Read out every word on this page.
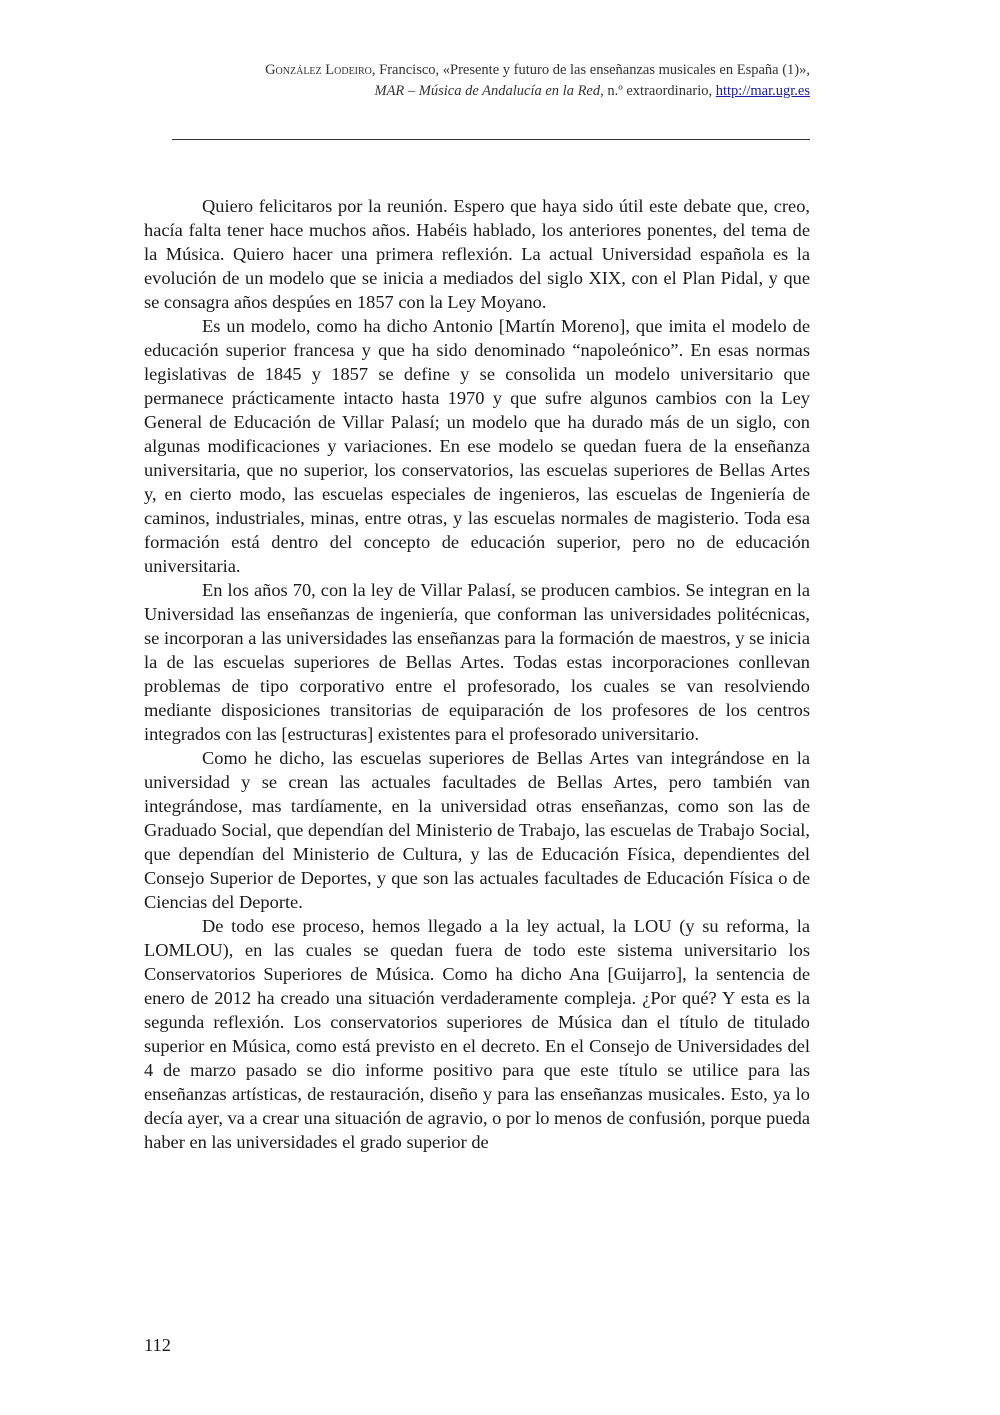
González Lodeiro, Francisco, «Presente y futuro de las enseñanzas musicales en España (1)»,
MAR – Música de Andalucía en la Red, n.º extraordinario, http://mar.ugr.es

Quiero felicitaros por la reunión. Espero que haya sido útil este debate que, creo, hacía falta tener hace muchos años. Habéis hablado, los anteriores ponentes, del tema de la Música. Quiero hacer una primera reflexión. La actual Universidad española es la evolución de un modelo que se inicia a mediados del siglo XIX, con el Plan Pidal, y que se consagra años despúes en 1857 con la Ley Moyano.

Es un modelo, como ha dicho Antonio [Martín Moreno], que imita el modelo de educación superior francesa y que ha sido denominado “napoleónico”. En esas normas legislativas de 1845 y 1857 se define y se consolida un modelo universitario que permanece prácticamente intacto hasta 1970 y que sufre algunos cambios con la Ley General de Educación de Villar Palasí; un modelo que ha durado más de un siglo, con algunas modificaciones y variaciones. En ese modelo se quedan fuera de la enseñanza universitaria, que no superior, los conservatorios, las escuelas superiores de Bellas Artes y, en cierto modo, las escuelas especiales de ingenieros, las escuelas de Ingeniería de caminos, industriales, minas, entre otras, y las escuelas normales de magisterio. Toda esa formación está dentro del concepto de educación superior, pero no de educación universitaria.

En los años 70, con la ley de Villar Palasí, se producen cambios. Se integran en la Universidad las enseñanzas de ingeniería, que conforman las universidades politécnicas, se incorporan a las universidades las enseñanzas para la formación de maestros, y se inicia la de las escuelas superiores de Bellas Artes. Todas estas incorporaciones conllevan problemas de tipo corporativo entre el profesorado, los cuales se van resolviendo mediante disposiciones transitorias de equiparación de los profesores de los centros integrados con las [estructuras] existentes para el profesorado universitario.

Como he dicho, las escuelas superiores de Bellas Artes van integrándose en la universidad y se crean las actuales facultades de Bellas Artes, pero también van integrándose, mas tardíamente, en la universidad otras enseñanzas, como son las de Graduado Social, que dependían del Ministerio de Trabajo, las escuelas de Trabajo Social, que dependían del Ministerio de Cultura, y las de Educación Física, dependientes del Consejo Superior de Deportes, y que son las actuales facultades de Educación Física o de Ciencias del Deporte.

De todo ese proceso, hemos llegado a la ley actual, la LOU (y su reforma, la LOMLOU), en las cuales se quedan fuera de todo este sistema universitario los Conservatorios Superiores de Música. Como ha dicho Ana [Guijarro], la sentencia de enero de 2012 ha creado una situación verdaderamente compleja. ¿Por qué? Y esta es la segunda reflexión. Los conservatorios superiores de Música dan el título de titulado superior en Música, como está previsto en el decreto. En el Consejo de Universidades del 4 de marzo pasado se dio informe positivo para que este título se utilice para las enseñanzas artísticas, de restauración, diseño y para las enseñanzas musicales. Esto, ya lo decía ayer, va a crear una situación de agravio, o por lo menos de confusión, porque pueda haber en las universidades el grado superior de

112
